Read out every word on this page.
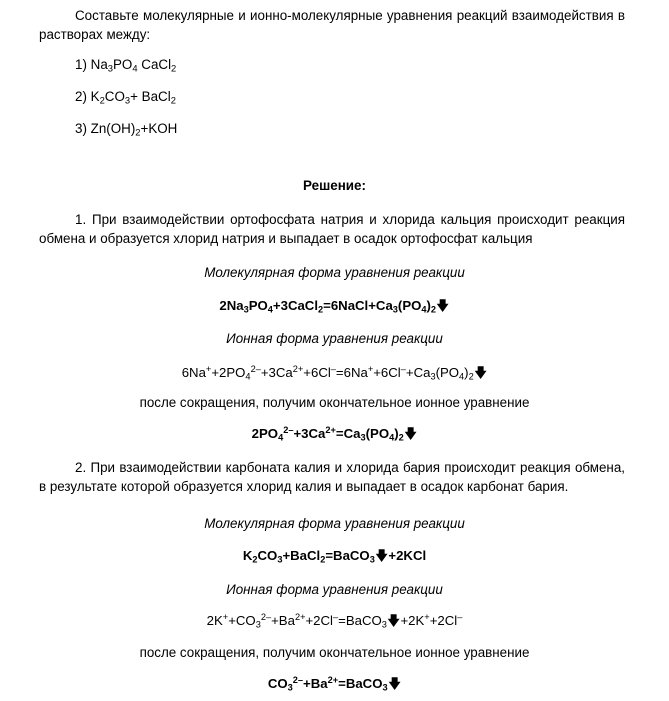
Составьте молекулярные и ионно-молекулярные уравнения реакций взаимодействия в растворах между:

1) $Na_3PO_4$ CaCl$_2$

2) $K_2CO_3+$ BaCl$_2$

3) $Zn(OH)_2+KOH$

Решение:

1. При взаимодействии ортофосфата натрия и хлорида кальция происходит реакция обмена и образуется хлорид натрия и выпадает в осадок ортофосфат кальция

Молекулярная форма уравнения реакции

$2Na_3PO_4+3CaCl_2=6NaCl+Ca_3(PO_4)_2🡇$

Ионная форма уравнения реакции

$6Na^++2PO_4^{2-}+3Ca^{2+}+6Cl^-=6Na^++6Cl^-+Ca_3(PO_4)_2🡇$

после сокращения, получим окончательное ионное уравнение

$2PO_4^{2-}+3Ca^{2+}=Ca_3(PO_4)_2🡇$

2. При взаимодействии карбоната калия и хлорида бария происходит реакция обмена, в результате которой образуется хлорид калия и выпадает в осадок карбонат бария.

Молекулярная форма уравнения реакции

$K_2CO_3+BaCl_2=BaCO_3🡇+2KCl$

Ионная форма уравнения реакции

$2K^++CO_3^{2-}+Ba^{2+}+2Cl^-=BaCO_3🡇+2K^++2Cl^-$

после сокращения, получим окончательное ионное уравнение

$CO_3^{2-}+Ba^{2+}=BaCO_3🡇$
